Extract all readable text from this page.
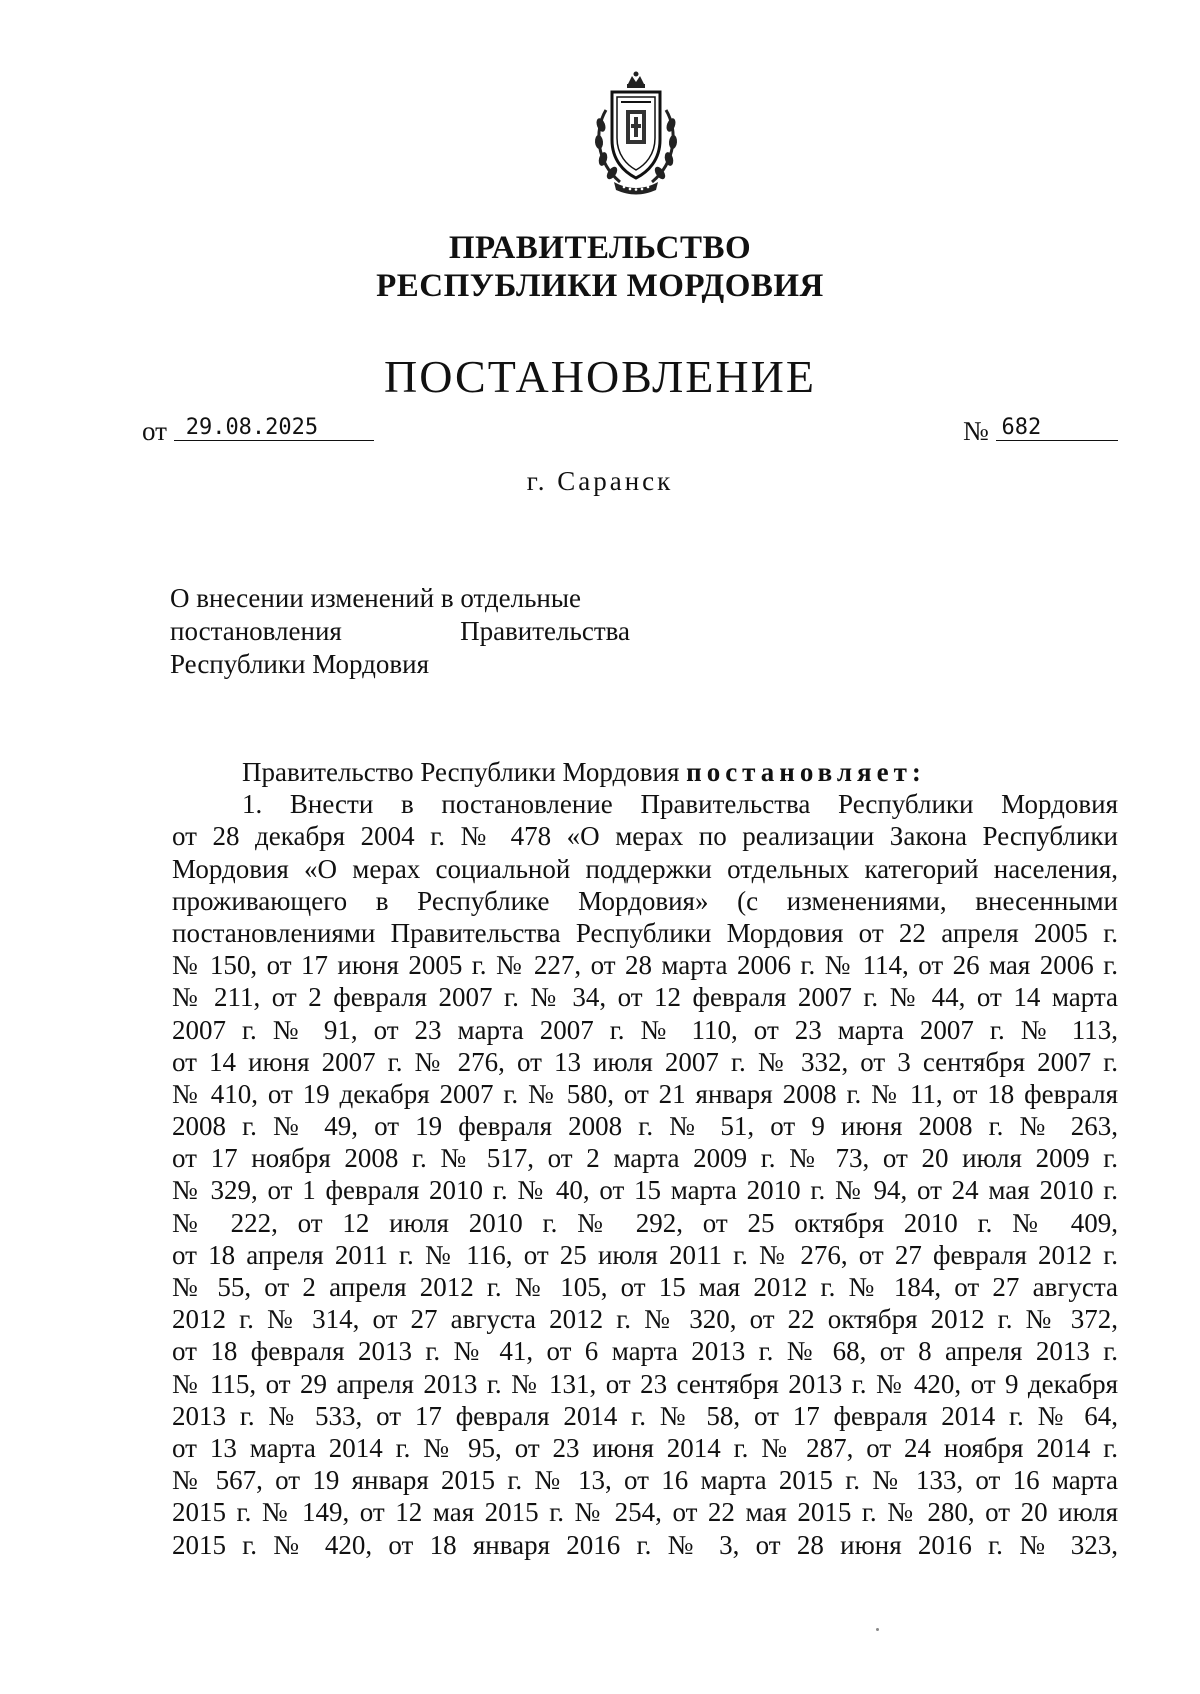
ПРАВИТЕЛЬСТВО
РЕСПУБЛИКИ МОРДОВИЯ
ПОСТАНОВЛЕНИЕ
от 29.08.2025	№ 682
г. Саранск
О внесении изменений в отдельные
постановления	Правительства
Республики Мордовия
Правительство Республики Мордовия постановляет:
1. Внести в постановление Правительства Республики Мордовия
от 28 декабря 2004 г. № 478 «О мерах по реализации Закона Республики
Мордовия «О мерах социальной поддержки отдельных категорий населения,
проживающего в Республике Мордовия» (с изменениями, внесенными
постановлениями Правительства Республики Мордовия от 22 апреля 2005 г.
№ 150, от 17 июня 2005 г. № 227, от 28 марта 2006 г. № 114, от 26 мая 2006 г.
№ 211, от 2 февраля 2007 г. № 34, от 12 февраля 2007 г. № 44, от 14 марта
2007 г. № 91, от 23 марта 2007 г. № 110, от 23 марта 2007 г. № 113,
от 14 июня 2007 г. № 276, от 13 июля 2007 г. № 332, от 3 сентября 2007 г.
№ 410, от 19 декабря 2007 г. № 580, от 21 января 2008 г. № 11, от 18 февраля
2008 г. № 49, от 19 февраля 2008 г. № 51, от 9 июня 2008 г. № 263,
от 17 ноября 2008 г. № 517, от 2 марта 2009 г. № 73, от 20 июля 2009 г.
№ 329, от 1 февраля 2010 г. № 40, от 15 марта 2010 г. № 94, от 24 мая 2010 г.
№ 222, от 12 июля 2010 г. № 292, от 25 октября 2010 г. № 409,
от 18 апреля 2011 г. № 116, от 25 июля 2011 г. № 276, от 27 февраля 2012 г.
№ 55, от 2 апреля 2012 г. № 105, от 15 мая 2012 г. № 184, от 27 августа
2012 г. № 314, от 27 августа 2012 г. № 320, от 22 октября 2012 г. № 372,
от 18 февраля 2013 г. № 41, от 6 марта 2013 г. № 68, от 8 апреля 2013 г.
№ 115, от 29 апреля 2013 г. № 131, от 23 сентября 2013 г. № 420, от 9 декабря
2013 г. № 533, от 17 февраля 2014 г. № 58, от 17 февраля 2014 г. № 64,
от 13 марта 2014 г. № 95, от 23 июня 2014 г. № 287, от 24 ноября 2014 г.
№ 567, от 19 января 2015 г. № 13, от 16 марта 2015 г. № 133, от 16 марта
2015 г. № 149, от 12 мая 2015 г. № 254, от 22 мая 2015 г. № 280, от 20 июля
2015 г. № 420, от 18 января 2016 г. № 3, от 28 июня 2016 г. № 323,
